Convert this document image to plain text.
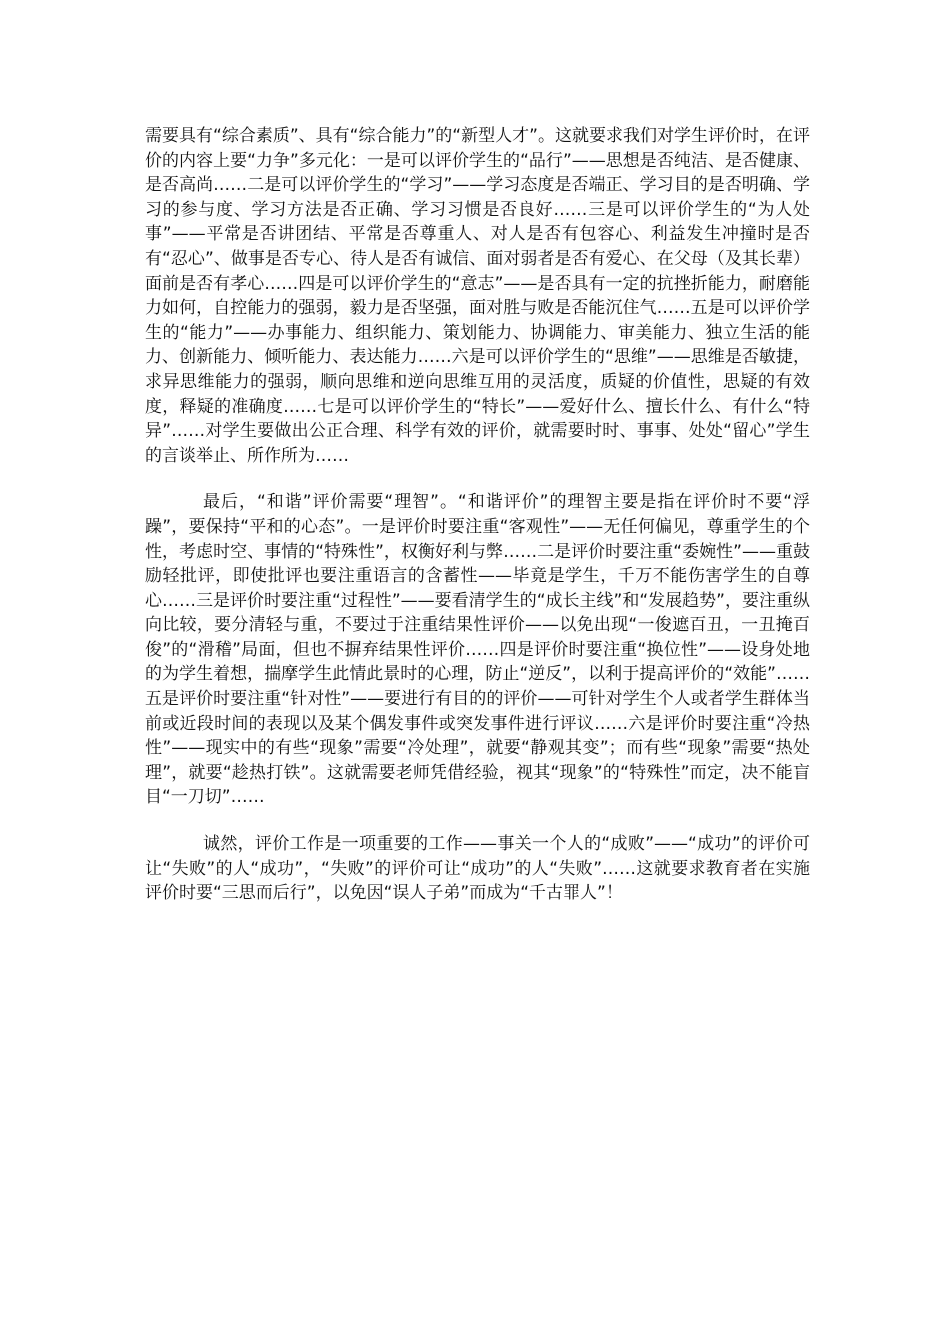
需要具有“综合素质”、具有“综合能力”的“新型人才”。这就要求我们对学生评价时，在评价的内容上要“力争”多元化：一是可以评价学生的“品行”——思想是否纯洁、是否健康、是否高尚……二是可以评价学生的“学习”——学习态度是否端正、学习目的是否明确、学习的参与度、学习方法是否正确、学习习惯是否良好……三是可以评价学生的“为人处事”——平常是否讲团结、平常是否尊重人、对人是否有包容心、利益发生冲撞时是否有“忍心”、做事是否专心、待人是否有诚信、面对弱者是否有爱心、在父母（及其长辈）面前是否有孝心……四是可以评价学生的“意志”——是否具有一定的抗挫折能力，耐磨能力如何，自控能力的强弱，毅力是否坚强，面对胜与败是否能沉住气……五是可以评价学生的“能力”——办事能力、组织能力、策划能力、协调能力、审美能力、独立生活的能力、创新能力、倾听能力、表达能力……六是可以评价学生的“思维”——思维是否敏捷，求异思维能力的强弱，顺向思维和逆向思维互用的灵活度，质疑的价值性，思疑的有效度，释疑的准确度……七是可以评价学生的“特长”——爱好什么、擅长什么、有什么“特异”……对学生要做出公正合理、科学有效的评价，就需要时时、事事、处处“留心”学生的言谈举止、所作所为……

最后，“和谐”评价需要“理智”。“和谐评价”的理智主要是指在评价时不要“浮躁”，要保持“平和的心态”。一是评价时要注重“客观性”——无任何偏见，尊重学生的个性，考虑时空、事情的“特殊性”，权衡好利与弊……二是评价时要注重“委婉性”——重鼓励轻批评，即使批评也要注重语言的含蓄性——毕竟是学生，千万不能伤害学生的自尊心……三是评价时要注重“过程性”——要看清学生的“成长主线”和“发展趋势”，要注重纵向比较，要分清轻与重，不要过于注重结果性评价——以免出现“一俊遮百丑，一丑掩百俊”的“滑稽”局面，但也不摒弃结果性评价……四是评价时要注重“换位性”——设身处地的为学生着想，揣摩学生此情此景时的心理，防止“逆反”，以利于提高评价的“效能”……五是评价时要注重“针对性”——要进行有目的的评价——可针对学生个人或者学生群体当前或近段时间的表现以及某个偶发事件或突发事件进行评议……六是评价时要注重“冷热性”——现实中的有些“现象”需要“冷处理”，就要“静观其变”；而有些“现象”需要“热处理”，就要“趁热打铁”。这就需要老师凭借经验，视其“现象”的“特殊性”而定，决不能盲目“一刀切”……

诚然，评价工作是一项重要的工作——事关一个人的“成败”——“成功”的评价可让“失败”的人“成功”，“失败”的评价可让“成功”的人“失败”……这就要求教育者在实施评价时要“三思而后行”，以免因“误人子弟”而成为“千古罪人”！
